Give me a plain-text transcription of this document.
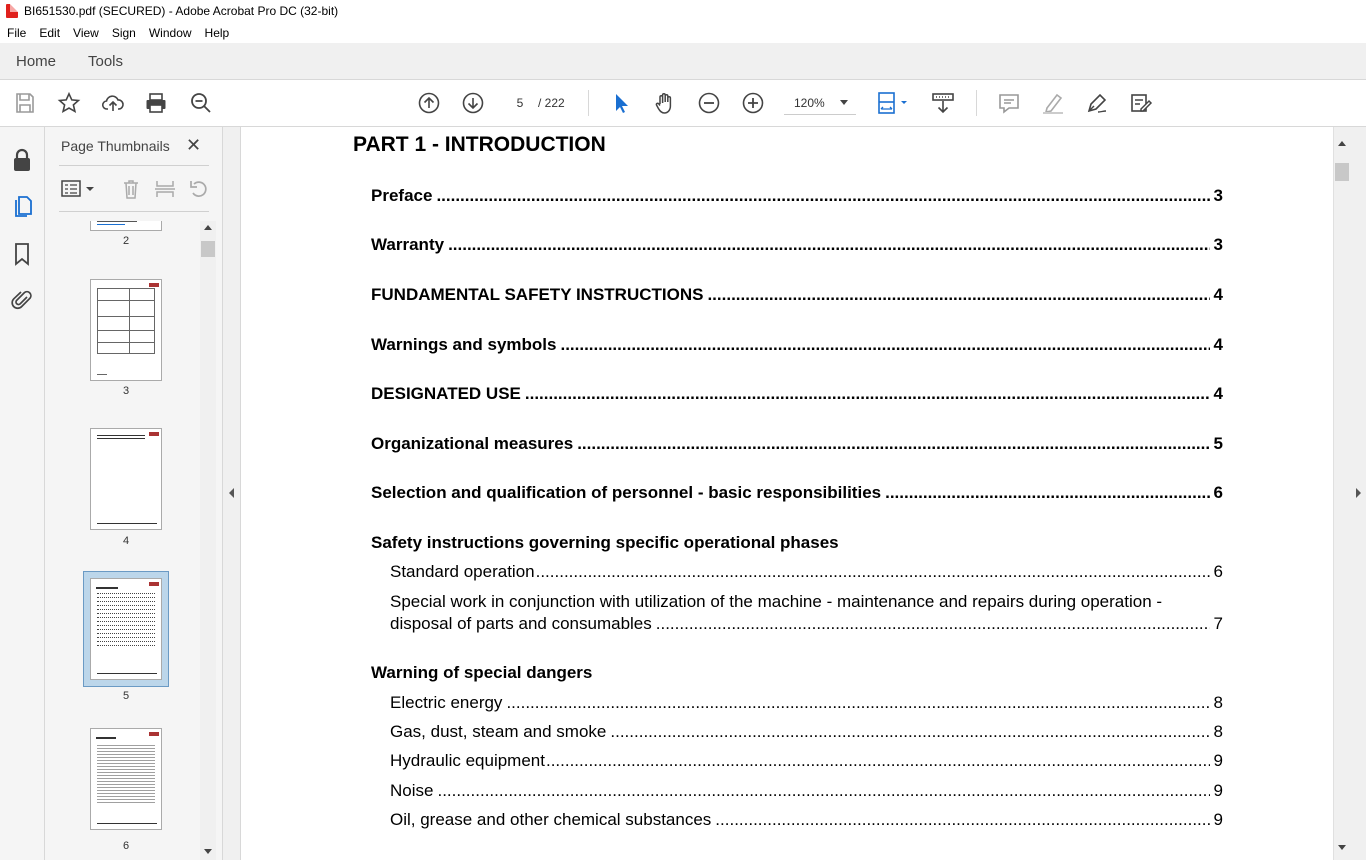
BI651530.pdf (SECURED) - Adobe Acrobat Pro DC (32-bit)
File	Edit	View	Sign	Window	Help
Home Tools
5
/ 222	120%
Page Thumbnails ✕
2
3
4
5
6
PART 1 - INTRODUCTION
Preface .....	3
Warranty .....	3
FUNDAMENTAL SAFETY INSTRUCTIONS .....	4
Warnings and symbols .....	4
DESIGNATED USE .....	4
Organizational measures .....	5
Selection and qualification of personnel - basic responsibilities .....	6
Safety instructions governing specific operational phases
Standard operation .....	6
Special work in conjunction with utilization of the machine - maintenance and repairs during operation -
disposal of parts and consumables .....	7
Warning of special dangers
Electric energy .....	8
Gas, dust, steam and smoke .....	8
Hydraulic equipment .....	9
Noise .....	9
Oil, grease and other chemical substances .....	9
